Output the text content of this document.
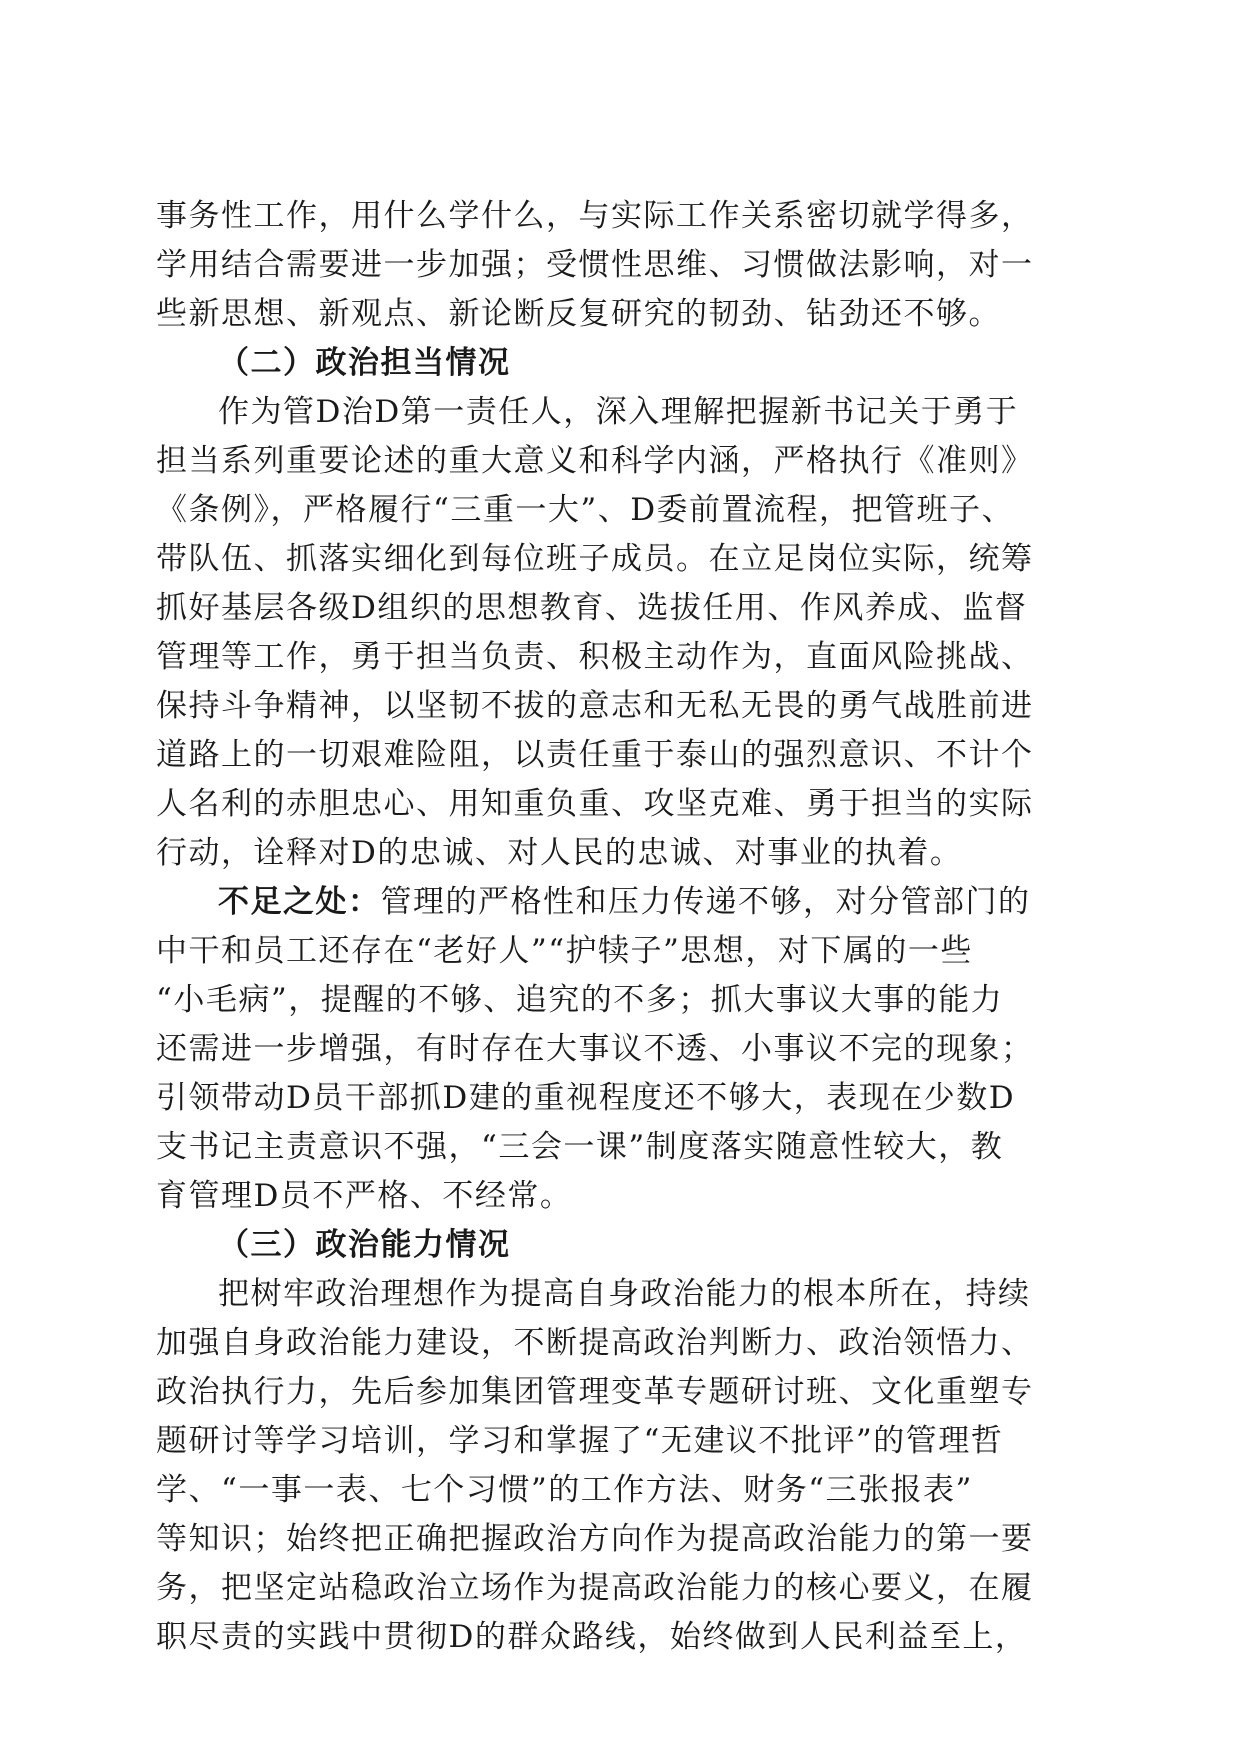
事务性工作，用什么学什么，与实际工作关系密切就学得多，
学用结合需要进一步加强；受惯性思维、习惯做法影响，对一
些新思想、新观点、新论断反复研究的韧劲、钻劲还不够。
（二）政治担当情况
作为管D治D第一责任人，深入理解把握新书记关于勇于
担当系列重要论述的重大意义和科学内涵，严格执行《准则》
《条例》，严格履行“三重一大”、D委前置流程，把管班子、
带队伍、抓落实细化到每位班子成员。在立足岗位实际，统筹
抓好基层各级D组织的思想教育、选拔任用、作风养成、监督
管理等工作，勇于担当负责、积极主动作为，直面风险挑战、
保持斗争精神，以坚韧不拔的意志和无私无畏的勇气战胜前进
道路上的一切艰难险阻，以责任重于泰山的强烈意识、不计个
人名利的赤胆忠心、用知重负重、攻坚克难、勇于担当的实际
行动，诠释对D的忠诚、对人民的忠诚、对事业的执着。
不足之处：管理的严格性和压力传递不够，对分管部门的
中干和员工还存在“老好人”“护犊子”思想，对下属的一些
“小毛病”，提醒的不够、追究的不多；抓大事议大事的能力
还需进一步增强，有时存在大事议不透、小事议不完的现象；
引领带动D员干部抓D建的重视程度还不够大，表现在少数D
支书记主责意识不强，“三会一课”制度落实随意性较大，教
育管理D员不严格、不经常。
（三）政治能力情况
把树牢政治理想作为提高自身政治能力的根本所在，持续
加强自身政治能力建设，不断提高政治判断力、政治领悟力、
政治执行力，先后参加集团管理变革专题研讨班、文化重塑专
题研讨等学习培训，学习和掌握了“无建议不批评”的管理哲
学、“一事一表、七个习惯”的工作方法、财务“三张报表”
等知识；始终把正确把握政治方向作为提高政治能力的第一要
务，把坚定站稳政治立场作为提高政治能力的核心要义，在履
职尽责的实践中贯彻D的群众路线，始终做到人民利益至上，
